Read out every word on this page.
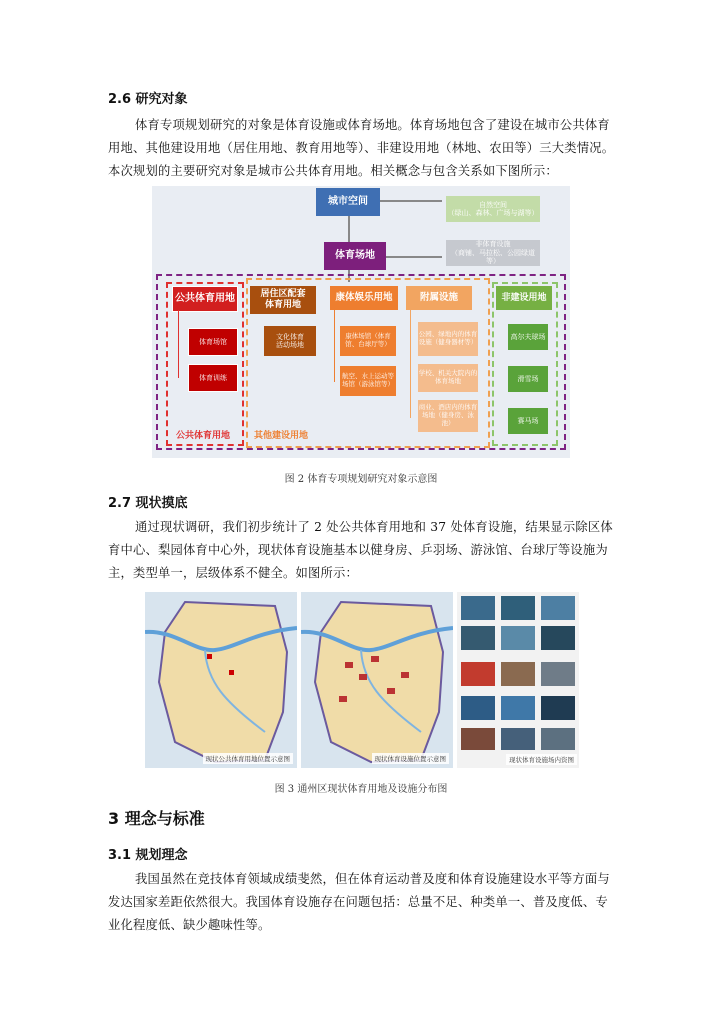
2.6 研究对象
体育专项规划研究的对象是体育设施或体育场地。体育场地包含了建设在城市公共体育
用地、其他建设用地（居住用地、教育用地等）、非建设用地（林地、农田等）三大类情况。
本次规划的主要研究对象是城市公共体育用地。相关概念与包含关系如下图所示：
城市空间	自然空间
（绿山、森林、广场与湖等）
体育场地
非体育设施
（商铺、马拉松、公园绿道等）
公共体育用地	居住区配套
体育用地
康体娱乐用地	附属设施	非建设用地
体育场馆
体育训练
文化体育
活动场地
康体场馆（体育馆、台球厅等）
航空、水上运动等场馆（游泳馆等）
公园、绿地内的体育设施（健身器材等）
学校、机关大院内的体育场地
商业、酒店内的体育场地（健身房、泳池）
高尔夫球场
滑雪场
赛马场
公共体育用地	其他建设用地
图 2 体育专项规划研究对象示意图
2.7 现状摸底
通过现状调研，我们初步统计了 2 处公共体育用地和 37 处体育设施，结果显示除区体
育中心、梨园体育中心外，现状体育设施基本以健身房、乒羽场、游泳馆、台球厅等设施为
主，类型单一，层级体系不健全。如图所示：
现状公共体育用地位置示意图	现状体育设施位置示意图	现状体育设施场内资图
图 3 通州区现状体育用地及设施分布图
3 理念与标准
3.1 规划理念
我国虽然在竞技体育领域成绩斐然，但在体育运动普及度和体育设施建设水平等方面与
发达国家差距依然很大。我国体育设施存在问题包括：总量不足、种类单一、普及度低、专
业化程度低、缺少趣味性等。
